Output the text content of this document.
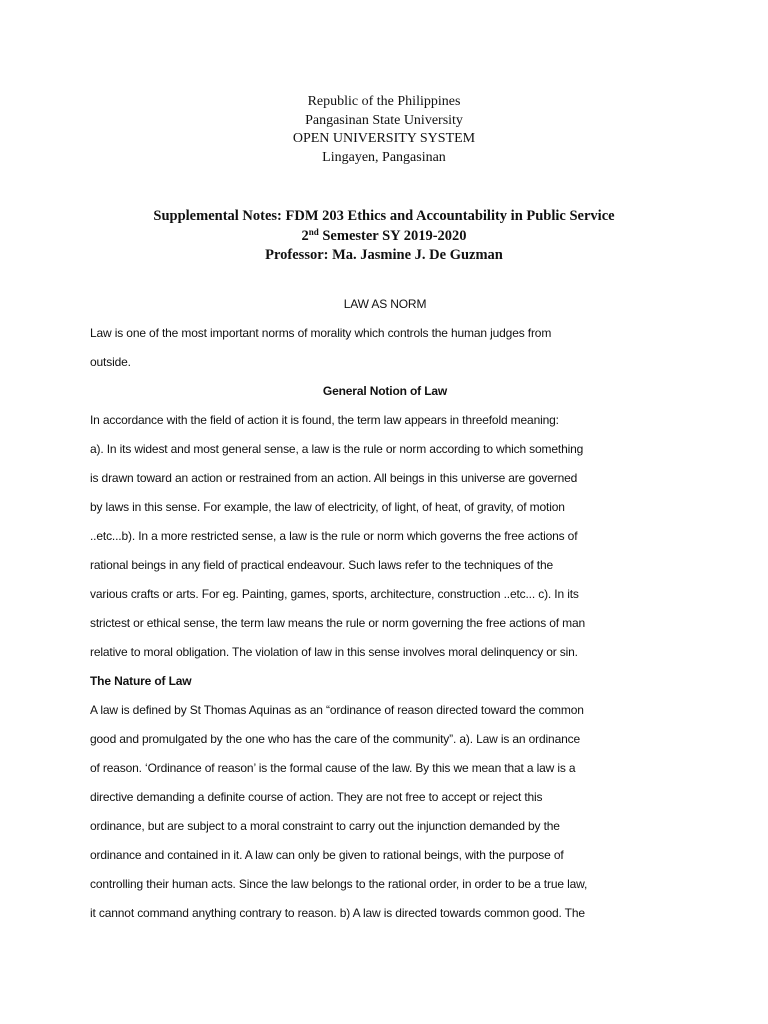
Republic of the Philippines
Pangasinan State University
OPEN UNIVERSITY SYSTEM
Lingayen, Pangasinan
Supplemental Notes: FDM 203 Ethics and Accountability in Public Service
2nd Semester SY 2019-2020
Professor: Ma. Jasmine J. De Guzman
LAW AS NORM
Law is one of the most important norms of morality which controls the human judges from
outside.
General Notion of Law
In accordance with the field of action it is found, the term law appears in threefold meaning:
a). In its widest and most general sense, a law is the rule or norm according to which something
is drawn toward an action or restrained from an action. All beings in this universe are governed
by laws in this sense. For example, the law of electricity, of light, of heat, of gravity, of motion
..etc...b). In a more restricted sense, a law is the rule or norm which governs the free actions of
rational beings in any field of practical endeavour. Such laws refer to the techniques of the
various crafts or arts. For eg. Painting, games, sports, architecture, construction ..etc... c). In its
strictest or ethical sense, the term law means the rule or norm governing the free actions of man
relative to moral obligation. The violation of law in this sense involves moral delinquency or sin.
The Nature of Law
A law is defined by St Thomas Aquinas as an “ordinance of reason directed toward the common
good and promulgated by the one who has the care of the community”. a). Law is an ordinance
of reason. ‘Ordinance of reason’ is the formal cause of the law. By this we mean that a law is a
directive demanding a definite course of action. They are not free to accept or reject this
ordinance, but are subject to a moral constraint to carry out the injunction demanded by the
ordinance and contained in it. A law can only be given to rational beings, with the purpose of
controlling their human acts. Since the law belongs to the rational order, in order to be a true law,
it cannot command anything contrary to reason. b) A law is directed towards common good. The
